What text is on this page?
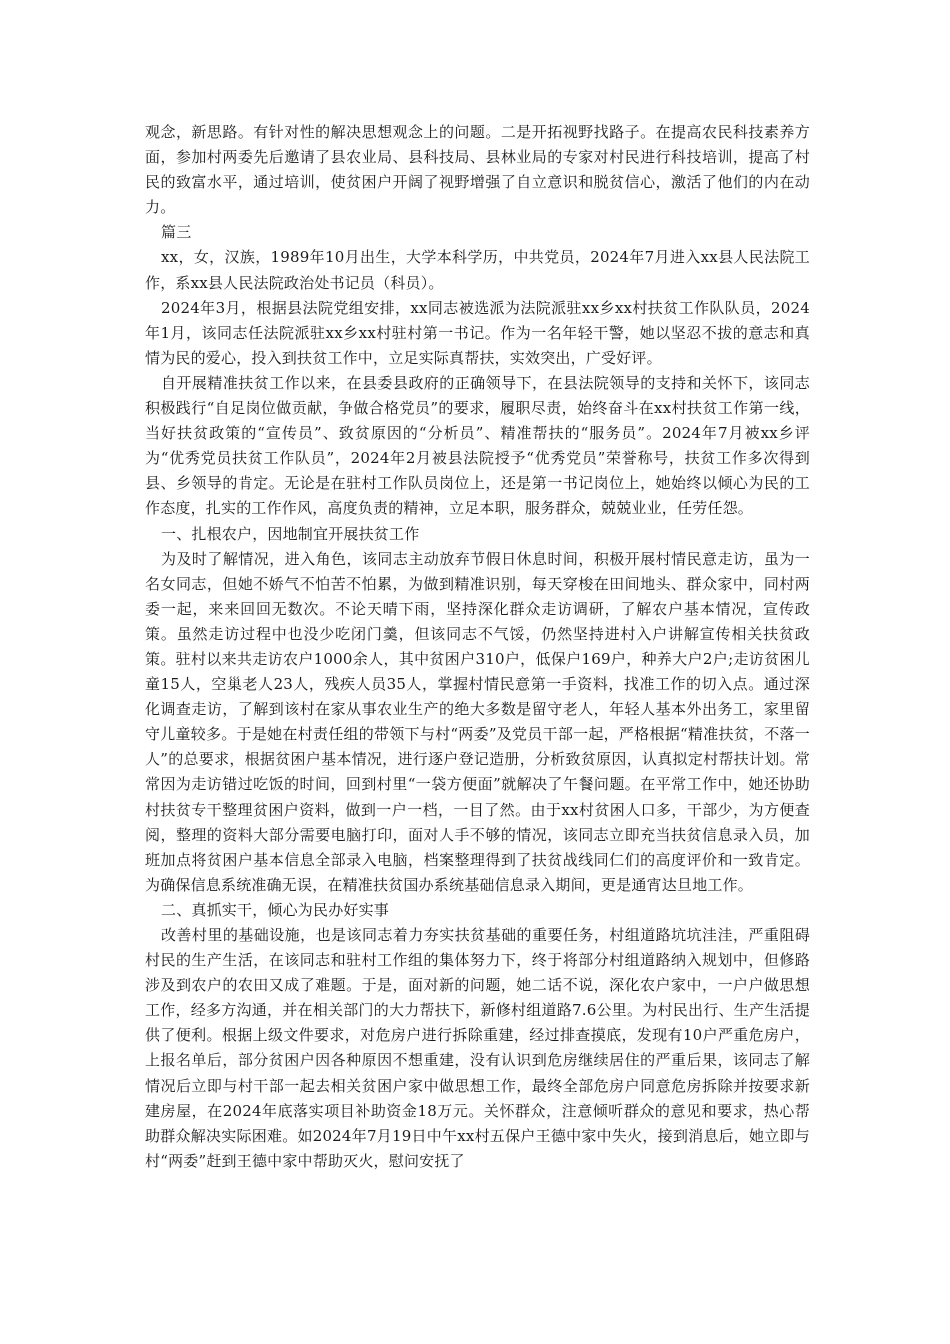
观念，新思路。有针对性的解决思想观念上的问题。二是开拓视野找路子。在提高农民科技素养方面，参加村两委先后邀请了县农业局、县科技局、县林业局的专家对村民进行科技培训，提高了村民的致富水平，通过培训，使贫困户开阔了视野增强了自立意识和脱贫信心，激活了他们的内在动力。

篇三

xx，女，汉族，1989年10月出生，大学本科学历，中共党员，2024年7月进入xx县人民法院工作，系xx县人民法院政治处书记员（科员）。

2024年3月，根据县法院党组安排，xx同志被选派为法院派驻xx乡xx村扶贫工作队队员，2024年1月，该同志任法院派驻xx乡xx村驻村第一书记。作为一名年轻干警，她以坚忍不拔的意志和真情为民的爱心，投入到扶贫工作中，立足实际真帮扶，实效突出，广受好评。

自开展精准扶贫工作以来，在县委县政府的正确领导下，在县法院领导的支持和关怀下，该同志积极践行“自足岗位做贡献，争做合格党员”的要求，履职尽责，始终奋斗在xx村扶贫工作第一线，当好扶贫政策的“宣传员”、致贫原因的“分析员”、精准帮扶的“服务员”。2024年7月被xx乡评为“优秀党员扶贫工作队员”，2024年2月被县法院授予“优秀党员”荣誉称号，扶贫工作多次得到县、乡领导的肯定。无论是在驻村工作队员岗位上，还是第一书记岗位上，她始终以倾心为民的工作态度，扎实的工作作风，高度负责的精神，立足本职，服务群众，兢兢业业，任劳任怨。

一、扎根农户，因地制宜开展扶贫工作

为及时了解情况，进入角色，该同志主动放弃节假日休息时间，积极开展村情民意走访，虽为一名女同志，但她不娇气不怕苦不怕累，为做到精准识别，每天穿梭在田间地头、群众家中，同村两委一起，来来回回无数次。不论天晴下雨，坚持深化群众走访调研，了解农户基本情况，宣传政策。虽然走访过程中也没少吃闭门羹，但该同志不气馁，仍然坚持进村入户讲解宣传相关扶贫政策。驻村以来共走访农户1000余人，其中贫困户310户，低保户169户，种养大户2户;走访贫困儿童15人，空巢老人23人，残疾人员35人，掌握村情民意第一手资料，找准工作的切入点。通过深化调查走访，了解到该村在家从事农业生产的绝大多数是留守老人，年轻人基本外出务工，家里留守儿童较多。于是她在村责任组的带领下与村“两委”及党员干部一起，严格根据“精准扶贫，不落一人”的总要求，根据贫困户基本情况，进行逐户登记造册，分析致贫原因，认真拟定村帮扶计划。常常因为走访错过吃饭的时间，回到村里“一袋方便面”就解决了午餐问题。在平常工作中，她还协助村扶贫专干整理贫困户资料，做到一户一档，一目了然。由于xx村贫困人口多，干部少，为方便查阅，整理的资料大部分需要电脑打印，面对人手不够的情况，该同志立即充当扶贫信息录入员，加班加点将贫困户基本信息全部录入电脑，档案整理得到了扶贫战线同仁们的高度评价和一致肯定。为确保信息系统准确无误，在精准扶贫国办系统基础信息录入期间，更是通宵达旦地工作。

二、真抓实干，倾心为民办好实事

改善村里的基础设施，也是该同志着力夯实扶贫基础的重要任务，村组道路坑坑洼洼，严重阻碍村民的生产生活，在该同志和驻村工作组的集体努力下，终于将部分村组道路纳入规划中，但修路涉及到农户的农田又成了难题。于是，面对新的问题，她二话不说，深化农户家中，一户户做思想工作，经多方沟通，并在相关部门的大力帮扶下，新修村组道路7.6公里。为村民出行、生产生活提供了便利。根据上级文件要求，对危房户进行拆除重建，经过排查摸底，发现有10户严重危房户，上报名单后，部分贫困户因各种原因不想重建，没有认识到危房继续居住的严重后果，该同志了解情况后立即与村干部一起去相关贫困户家中做思想工作，最终全部危房户同意危房拆除并按要求新建房屋，在2024年底落实项目补助资金18万元。关怀群众，注意倾听群众的意见和要求，热心帮助群众解决实际困难。如2024年7月19日中午xx村五保户王德中家中失火，接到消息后，她立即与村“两委”赶到王德中家中帮助灭火，慰问安抚了
